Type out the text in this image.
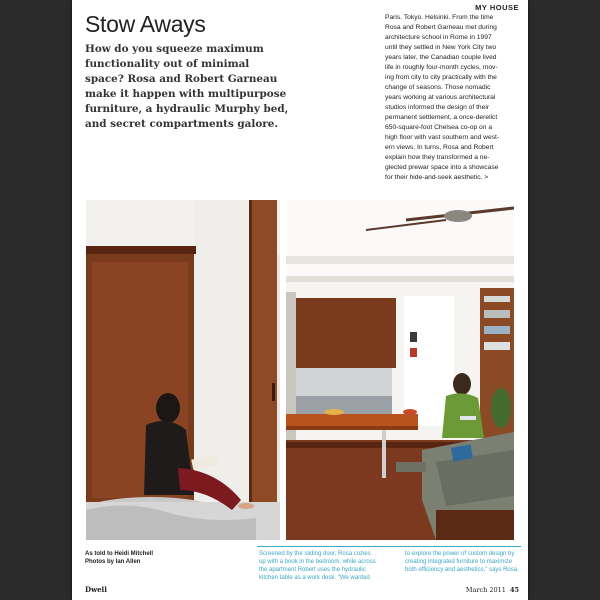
MY HOUSE
Stow Aways
How do you squeeze maximum functionality out of minimal space? Rosa and Robert Garneau make it happen with multipurpose furniture, a hydraulic Murphy bed, and secret compartments galore.
Paris. Tokyo. Helsinki. From the time
Rosa and Robert Garneau met during
architecture school in Rome in 1997
until they settled in New York City two
years later, the Canadian couple lived
life in roughly four-month cycles, mov-
ing from city to city practically with the
change of seasons. Those nomadic
years working at various architectural
studios informed the design of their
permanent settlement, a once-derelict
650-square-foot Chelsea co-op on a
high floor with vast southern and west-
ern views. In turns, Rosa and Robert
explain how they transformed a ne-
glected prewar space into a showcase
for their hide-and-seek aesthetic. >
As told to Heidi Mitchell
Photos by Ian Allen
Screened by the sliding door, Rosa cozies
up with a book in the bedroom, while across
the apartment Robert uses the hydraulic
kitchen table as a work desk. "We wanted
to explore the power of custom design by
creating integrated furniture to maximize
both efficiency and aesthetics," says Rosa.
Dwell	March 2011 45
